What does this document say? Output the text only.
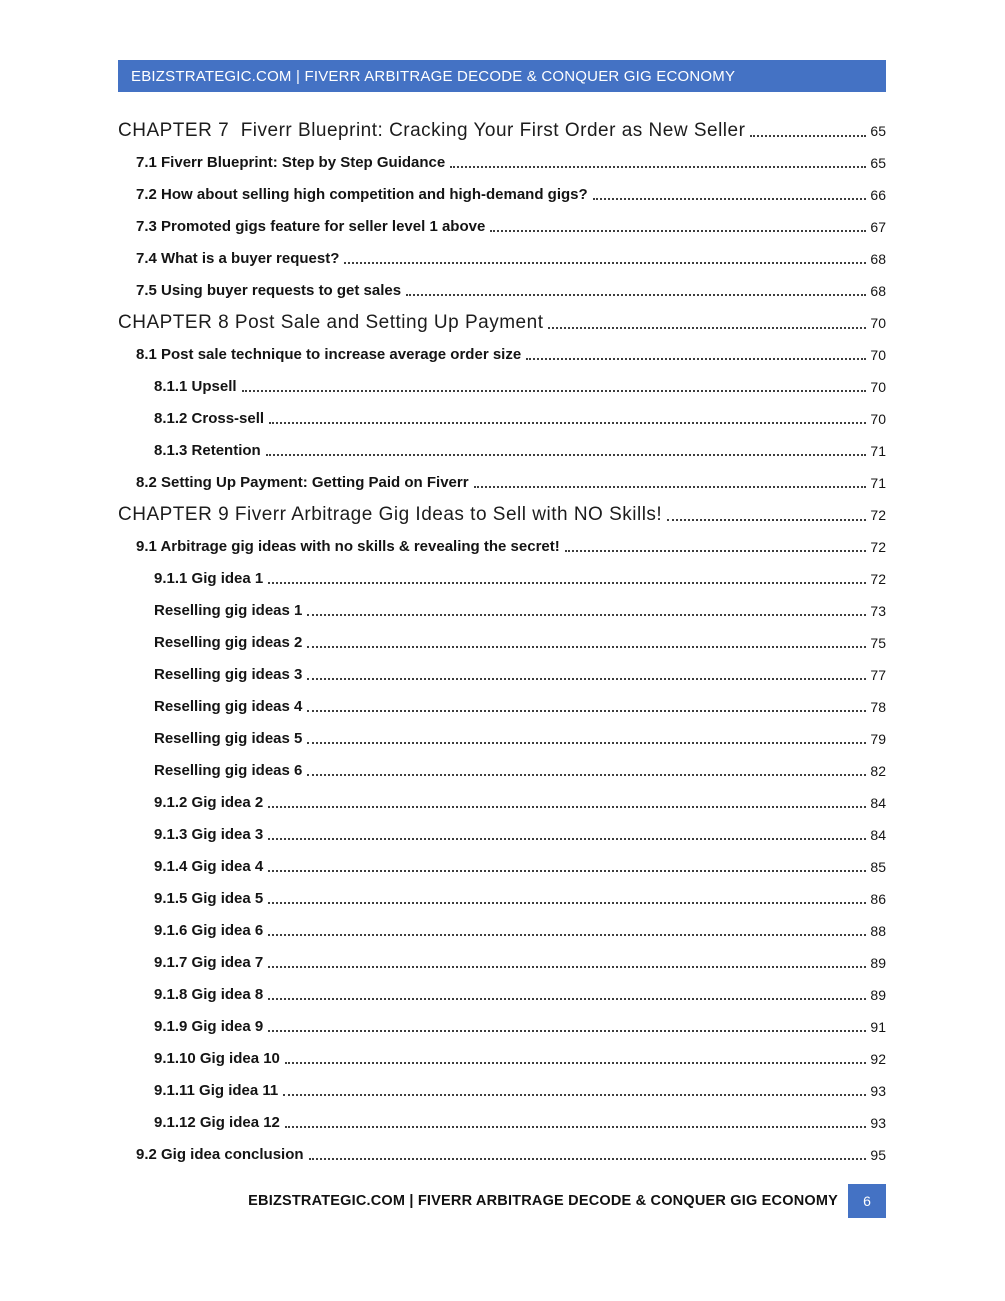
EBIZSTRATEGIC.COM | FIVERR ARBITRAGE DECODE & CONQUER GIG ECONOMY
CHAPTER 7  Fiverr Blueprint: Cracking Your First Order as New Seller	65
7.1 Fiverr Blueprint: Step by Step Guidance	65
7.2 How about selling high competition and high-demand gigs?	66
7.3 Promoted gigs feature for seller level 1 above	67
7.4 What is a buyer request?	68
7.5 Using buyer requests to get sales	68
CHAPTER 8 Post Sale and Setting Up Payment	70
8.1 Post sale technique to increase average order size	70
8.1.1 Upsell	70
8.1.2 Cross-sell	70
8.1.3 Retention	71
8.2 Setting Up Payment: Getting Paid on Fiverr	71
CHAPTER 9 Fiverr Arbitrage Gig Ideas to Sell with NO Skills!	72
9.1 Arbitrage gig ideas with no skills & revealing the secret!	72
9.1.1 Gig idea 1	72
Reselling gig ideas 1	73
Reselling gig ideas 2	75
Reselling gig ideas 3	77
Reselling gig ideas 4	78
Reselling gig ideas 5	79
Reselling gig ideas 6	82
9.1.2 Gig idea 2	84
9.1.3 Gig idea 3	84
9.1.4 Gig idea 4	85
9.1.5 Gig idea 5	86
9.1.6 Gig idea 6	88
9.1.7 Gig idea 7	89
9.1.8 Gig idea 8	89
9.1.9 Gig idea 9	91
9.1.10 Gig idea 10	92
9.1.11 Gig idea 11	93
9.1.12 Gig idea 12	93
9.2 Gig idea conclusion	95
EBIZSTRATEGIC.COM | FIVERR ARBITRAGE DECODE & CONQUER GIG ECONOMY 6
